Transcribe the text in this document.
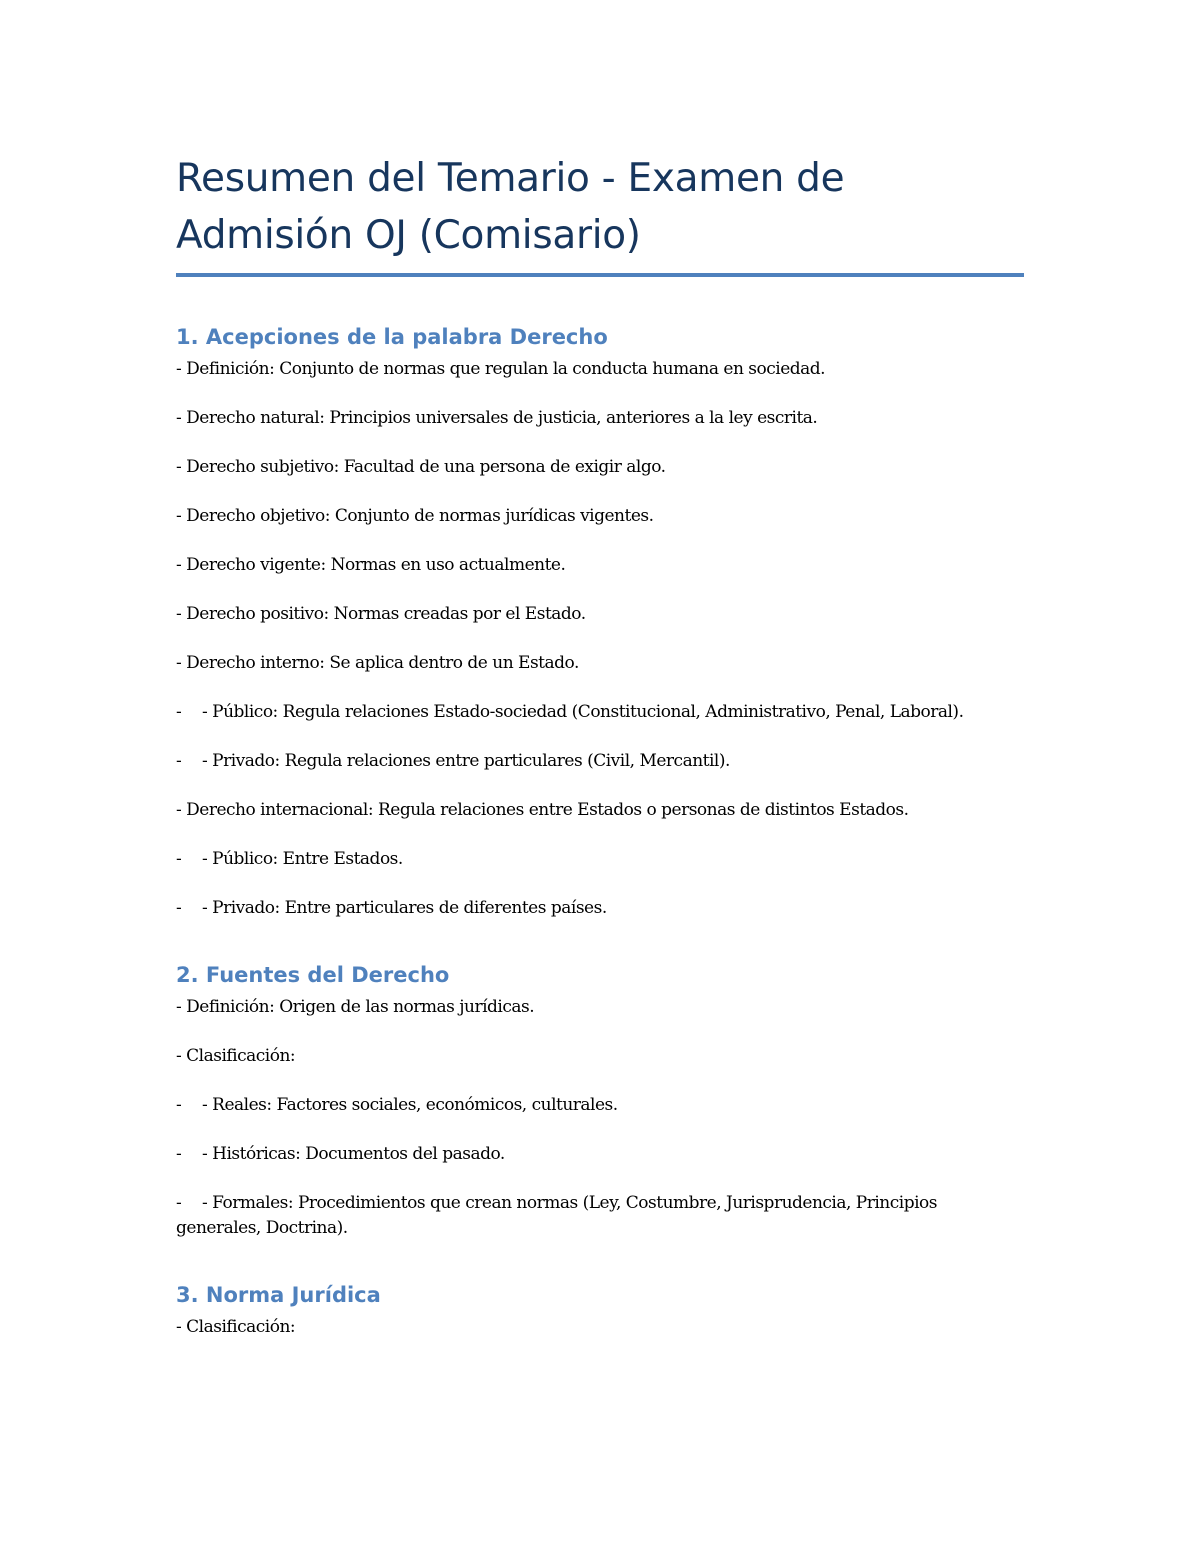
Resumen del Temario - Examen de Admisión OJ (Comisario)
1. Acepciones de la palabra Derecho

- Definición: Conjunto de normas que regulan la conducta humana en sociedad.

- Derecho natural: Principios universales de justicia, anteriores a la ley escrita.

- Derecho subjetivo: Facultad de una persona de exigir algo.

- Derecho objetivo: Conjunto de normas jurídicas vigentes.

- Derecho vigente: Normas en uso actualmente.

- Derecho positivo: Normas creadas por el Estado.

- Derecho interno: Se aplica dentro de un Estado.

- - Público: Regula relaciones Estado-sociedad (Constitucional, Administrativo, Penal, Laboral).

- - Privado: Regula relaciones entre particulares (Civil, Mercantil).

- Derecho internacional: Regula relaciones entre Estados o personas de distintos Estados.

- - Público: Entre Estados.

- - Privado: Entre particulares de diferentes países.

2. Fuentes del Derecho

- Definición: Origen de las normas jurídicas.

- Clasificación:

- - Reales: Factores sociales, económicos, culturales.

- - Históricas: Documentos del pasado.

- - Formales: Procedimientos que crean normas (Ley, Costumbre, Jurisprudencia, Principios generales, Doctrina).

3. Norma Jurídica

- Clasificación:
